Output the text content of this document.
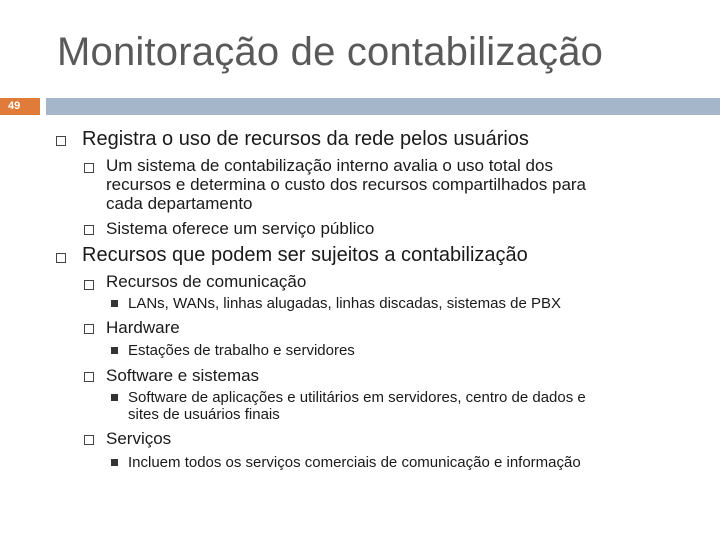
Monitoração de contabilização
49
Registra o uso de recursos da rede pelos usuários
Um sistema de contabilização interno avalia o uso total dos
recursos e determina o custo dos recursos compartilhados para
cada departamento
Sistema oferece um serviço público
Recursos que podem ser sujeitos a contabilização
Recursos de comunicação
LANs, WANs, linhas alugadas, linhas discadas, sistemas de PBX
Hardware
Estações de trabalho e servidores
Software e sistemas
Software de aplicações e utilitários em servidores, centro de dados e
sites de usuários finais
Serviços
Incluem todos os serviços comerciais de comunicação e informação
